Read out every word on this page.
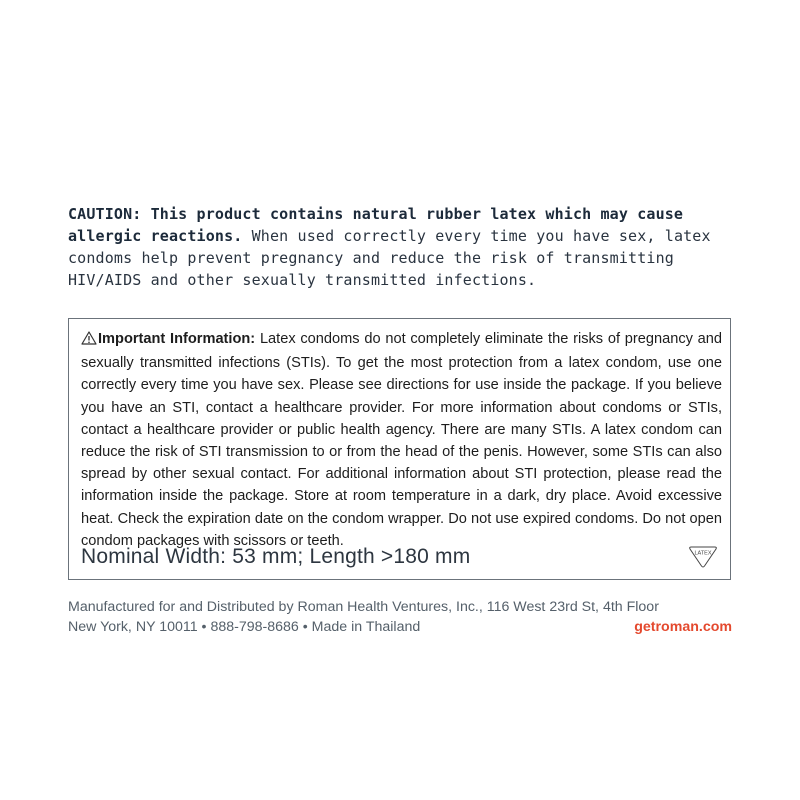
CAUTION: This product contains natural rubber latex which may cause allergic reactions. When used correctly every time you have sex, latex condoms help prevent pregnancy and reduce the risk of transmitting HIV/AIDS and other sexually transmitted infections.
Important Information: Latex condoms do not completely eliminate the risks of pregnancy and sexually transmitted infections (STIs). To get the most protection from a latex condom, use one correctly every time you have sex. Please see directions for use inside the package. If you believe you have an STI, contact a healthcare provider. For more information about condoms or STIs, contact a healthcare provider or public health agency. There are many STIs. A latex condom can reduce the risk of STI transmission to or from the head of the penis. However, some STIs can also spread by other sexual contact. For additional information about STI protection, please read the information inside the package. Store at room temperature in a dark, dry place. Avoid excessive heat. Check the expiration date on the condom wrapper. Do not use expired condoms. Do not open condom packages with scissors or teeth.
Nominal Width: 53 mm; Length >180 mm	LATEX
Manufactured for and Distributed by Roman Health Ventures, Inc., 116 West 23rd St, 4th Floor
New York, NY 10011 • 888-798-8686 • Made in Thailand	getroman.com
